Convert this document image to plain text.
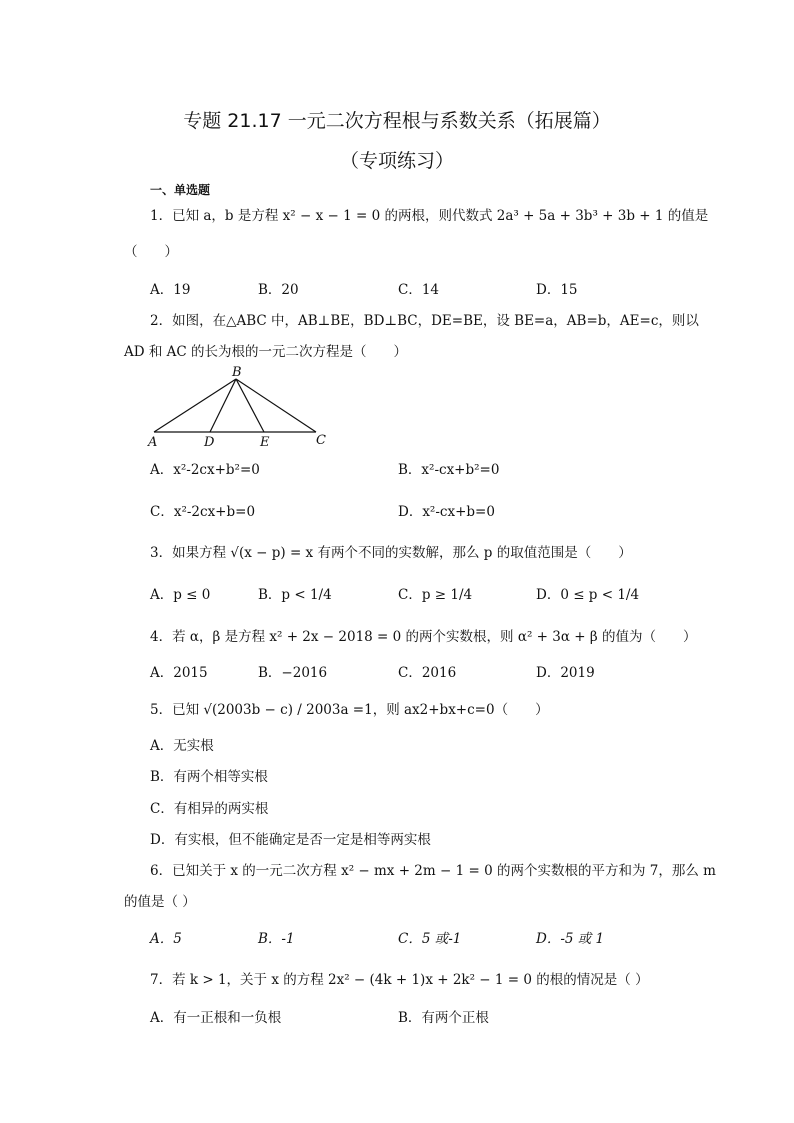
专题 21.17 一元二次方程根与系数关系（拓展篇）
（专项练习）
一、单选题
1．已知 a，b 是方程 x² − x − 1 = 0 的两根，则代数式 2a³ + 5a + 3b³ + 3b + 1 的值是
（　　）
A．19	B．20	C．14	D．15
2．如图，在△ABC 中，AB⊥BE，BD⊥BC，DE=BE，设 BE=a，AB=b，AE=c，则以
AD 和 AC 的长为根的一元二次方程是（　　）
B
A	D	E	C
A．x²-2cx+b²=0	B．x²-cx+b²=0
C．x²-2cx+b=0	D．x²-cx+b=0
3．如果方程 √(x − p) = x 有两个不同的实数解，那么 p 的取值范围是（　　）
A．p ≤ 0	B．p < 1/4	C．p ≥ 1/4	D．0 ≤ p < 1/4
4．若 α，β 是方程 x² + 2x − 2018 = 0 的两个实数根，则 α² + 3α + β 的值为（　　）
A．2015	B．−2016	C．2016	D．2019
5．已知 √(2003b − c) / 2003a =1，则 ax2+bx+c=0（　　）
A．无实根
B．有两个相等实根
C．有相异的两实根
D．有实根，但不能确定是否一定是相等两实根
6．已知关于 x 的一元二次方程 x² − mx + 2m − 1 = 0 的两个实数根的平方和为 7，那么 m
的值是（ ）
A．5	B．-1	C．5 或-1	D．-5 或 1
7．若 k > 1，关于 x 的方程 2x² − (4k + 1)x + 2k² − 1 = 0 的根的情况是（ ）
A．有一正根和一负根	B．有两个正根
